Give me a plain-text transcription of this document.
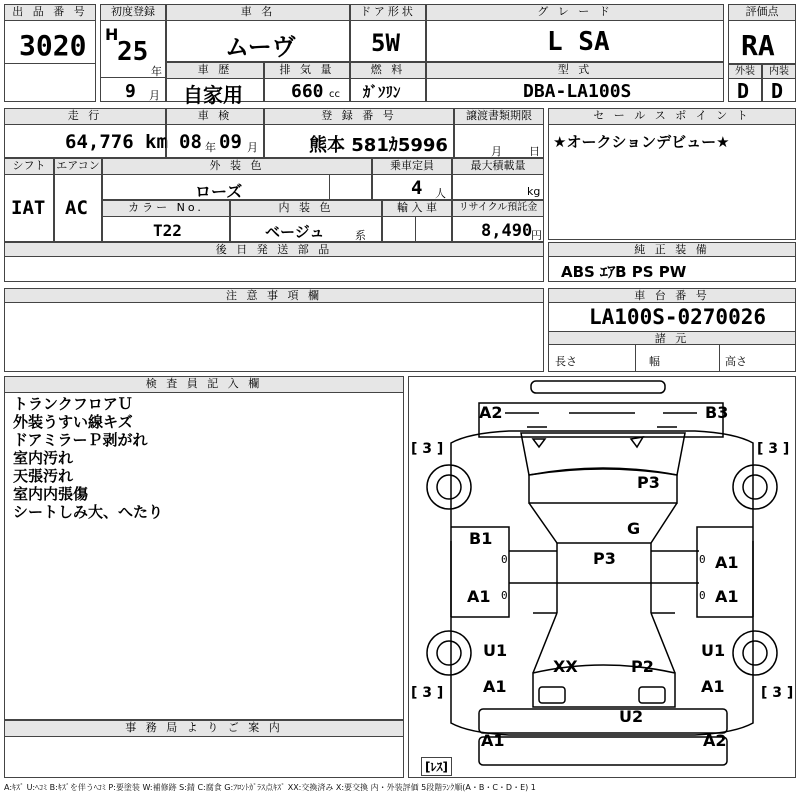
出 品 番 号
3020
初度登録
H
25
年
9 月
車 名
ムーヴ
ドア形状
5W
グ レ ー ド
L SA
評価点
RA
車 歴
自家用
排 気 量
660 cc
燃 料
ｶﾞｿﾘﾝ
型 式
DBA-LA100S
外装
D
内装
D
走 行
64,776 km
車 検
08 年 09 月
登 録 番 号
熊本 581ｶ5996
譲渡書類期限
月 日
セ ー ル ス ポ イ ン ト
★オークションデビュー★
シフト
IAT
エアコン
AC
外 装 色
ローズ
乗車定員
4 人
最大積載量
kg
カラー No.
T22
内 装 色
ベージュ	系
輸 入 車	リサイクル預託金
8,490
円
後 日 発 送 部 品	純 正 装 備
ABS ｴｱB PS PW
注 意 事 項 欄	車 台 番 号
LA100S-0270026
諸 元
長さ	幅	高さ
検 査 員 記 入 欄
トランクフロアＵ
外装うすい線キズ
ドアミラーＰ剥がれ
室内汚れ
天張汚れ
室内内張傷
シートしみ大、へたり
事 務 局 よ り ご 案 内
A2	B3
P3
G
B1
P3	A1
A1	A1
U1	U1
XX	P2
A1	A1
U2
A1	A2
[ 3 ]	[ 3 ]
[ 3 ]	[ 3 ]
0	0
0	0
[ﾚｽ]
A:ｷｽﾞ U:ﾍｺﾐ B:ｷｽﾞを伴うﾍｺﾐ P:要塗装 W:補修跡 S:錆 C:腐食 G:ﾌﾛﾝﾄｶﾞﾗｽ点ｷｽﾞ XX:交換済み X:要交換 内・外装評価 5段階ﾗﾝｸ順(A・B・C・D・E) 1
